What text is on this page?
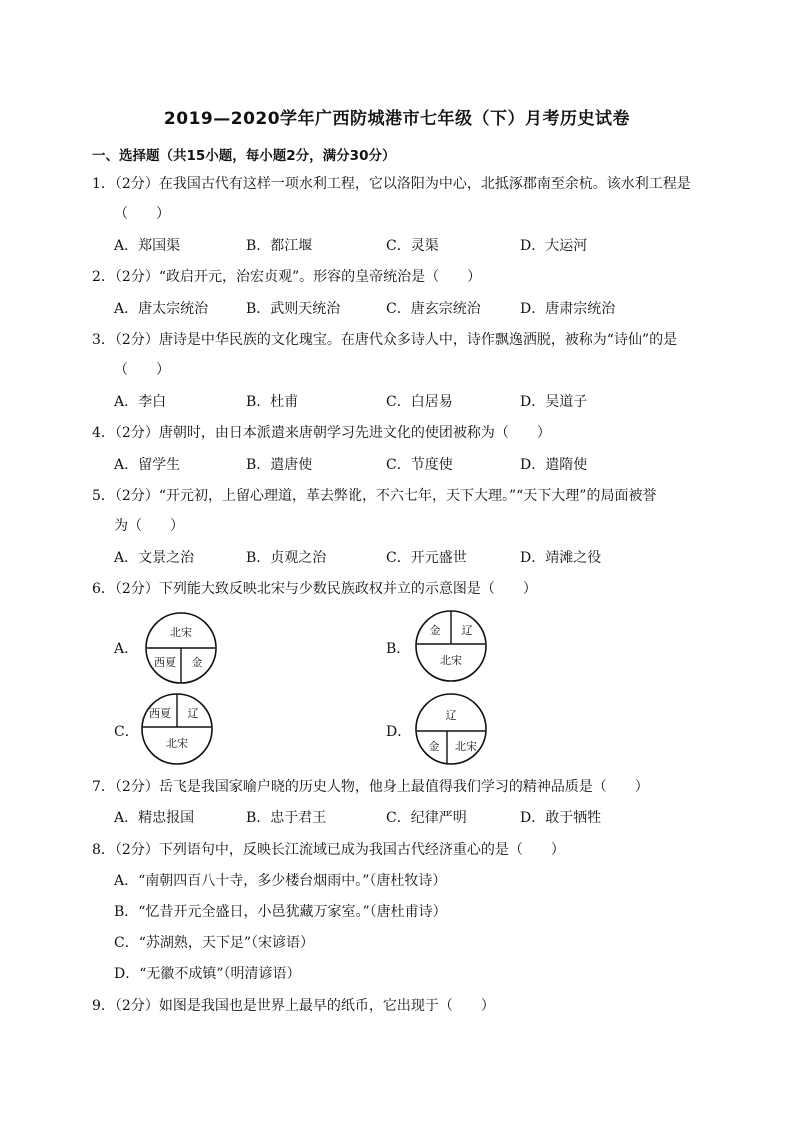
2019—2020学年广西防城港市七年级（下）月考历史试卷
一、选择题（共15小题，每小题2分，满分30分）
1．（2分）在我国古代有这样一项水利工程，它以洛阳为中心，北抵涿郡南至余杭。该水利工程是
（　　）
A．郑国渠	B．都江堰	C．灵渠	D．大运河
2．（2分）“政启开元，治宏贞观”。形容的皇帝统治是（　　）
A．唐太宗统治	B．武则天统治	C．唐玄宗统治	D．唐肃宗统治
3．（2分）唐诗是中华民族的文化瑰宝。在唐代众多诗人中，诗作飘逸洒脱，被称为“诗仙”的是
（　　）
A．李白	B．杜甫	C．白居易	D．吴道子
4．（2分）唐朝时，由日本派遣来唐朝学习先进文化的使团被称为（　　）
A．留学生	B．遣唐使	C．节度使	D．遣隋使
5．（2分）“开元初，上留心理道，革去弊讹，不六七年，天下大理。”“天下大理”的局面被誉
为（　　）
A．文景之治	B．贞观之治	C．开元盛世	D．靖滩之役
6．（2分）下列能大致反映北宋与少数民族政权并立的示意图是（　　）
A．
北宋
西夏 金
B．
金 辽
北宋
C．
西夏 辽
北宋
D．
辽
金 北宋
7．（2分）岳飞是我国家喻户晓的历史人物，他身上最值得我们学习的精神品质是（　　）
A．精忠报国	B．忠于君王	C．纪律严明	D．敢于牺牲
8．（2分）下列语句中，反映长江流域已成为我国古代经济重心的是（　　）
A．“南朝四百八十寺，多少楼台烟雨中。”（唐杜牧诗）
B．“忆昔开元全盛日，小邑犹藏万家室。”（唐杜甫诗）
C．“苏湖熟，天下足”（宋谚语）
D．“无徽不成镇”（明清谚语）
9．（2分）如图是我国也是世界上最早的纸币，它出现于（　　）
